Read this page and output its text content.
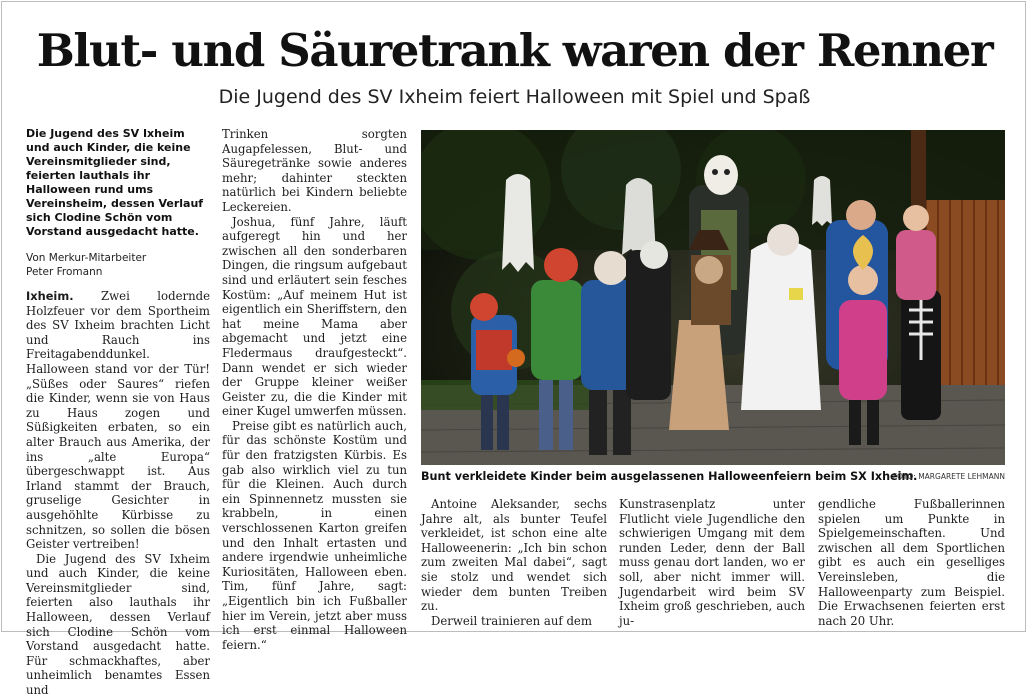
Blut- und Säuretrank waren der Renner
Die Jugend des SV Ixheim feiert Halloween mit Spiel und Spaß

Die Jugend des SV Ixheim und auch Kinder, die keine Vereinsmitglieder sind, feierten lauthals ihr Halloween rund ums Vereinsheim, dessen Verlauf sich Clodine Schön vom Vorstand ausgedacht hatte.

Von Merkur-Mitarbeiter
Peter Fromann

Ixheim. Zwei lodernde Holzfeuer vor dem Sportheim des SV Ixheim brachten Licht und Rauch ins Freitagabenddunkel. Halloween stand vor der Tür! „Süßes oder Saures“ riefen die Kinder, wenn sie von Haus zu Haus zogen und Süßigkeiten erbaten, so ein alter Brauch aus Amerika, der ins „alte Europa“ übergeschwappt ist. Aus Irland stammt der Brauch, gruselige Gesichter in ausgehöhlte Kürbisse zu schnitzen, so sollen die bösen Geister vertreiben!

Die Jugend des SV Ixheim und auch Kinder, die keine Vereinsmitglieder sind, feierten also lauthals ihr Halloween, dessen Verlauf sich Clodine Schön vom Vorstand ausgedacht hatte. Für schmackhaftes, aber unheimlich benamtes Essen und

Trinken sorgten Augapfelessen, Blut- und Säuregetränke sowie anderes mehr; dahinter steckten natürlich bei Kindern beliebte Leckereien.

Joshua, fünf Jahre, läuft aufgeregt hin und her zwischen all den sonderbaren Dingen, die ringsum aufgebaut sind und erläutert sein fesches Kostüm: „Auf meinem Hut ist eigentlich ein Sheriffstern, den hat meine Mama aber abgemacht und jetzt eine Fledermaus draufgesteckt“. Dann wendet er sich wieder der Gruppe kleiner weißer Geister zu, die die Kinder mit einer Kugel umwerfen müssen.

Preise gibt es natürlich auch, für das schönste Kostüm und für den fratzigsten Kürbis. Es gab also wirklich viel zu tun für die Kleinen. Auch durch ein Spinnennetz mussten sie krabbeln, in einen verschlossenen Karton greifen und den Inhalt ertasten und andere irgendwie unheimliche Kuriositäten, Halloween eben. Tim, fünf Jahre, sagt: „Eigentlich bin ich Fußballer hier im Verein, jetzt aber muss ich erst einmal Halloween feiern.“

Bunt verkleidete Kinder beim ausgelassenen Halloweenfeiern beim SX Ixheim.
FOTO: MARGARETE LEHMANN

Antoine Aleksander, sechs Jahre alt, als bunter Teufel verkleidet, ist schon eine alte Halloweenerin: „Ich bin schon zum zweiten Mal dabei“, sagt sie stolz und wendet sich wieder dem bunten Treiben zu.

Derweil trainieren auf dem

Kunstrasenplatz unter Flutlicht viele Jugendliche den schwierigen Umgang mit dem runden Leder, denn der Ball muss genau dort landen, wo er soll, aber nicht immer will. Jugendarbeit wird beim SV Ixheim groß geschrieben, auch ju-

gendliche Fußballerinnen spielen um Punkte in Spielgemeinschaften. Und zwischen all dem Sportlichen gibt es auch ein geselliges Vereinsleben, die Halloweenparty zum Beispiel. Die Erwachsenen feierten erst nach 20 Uhr.
